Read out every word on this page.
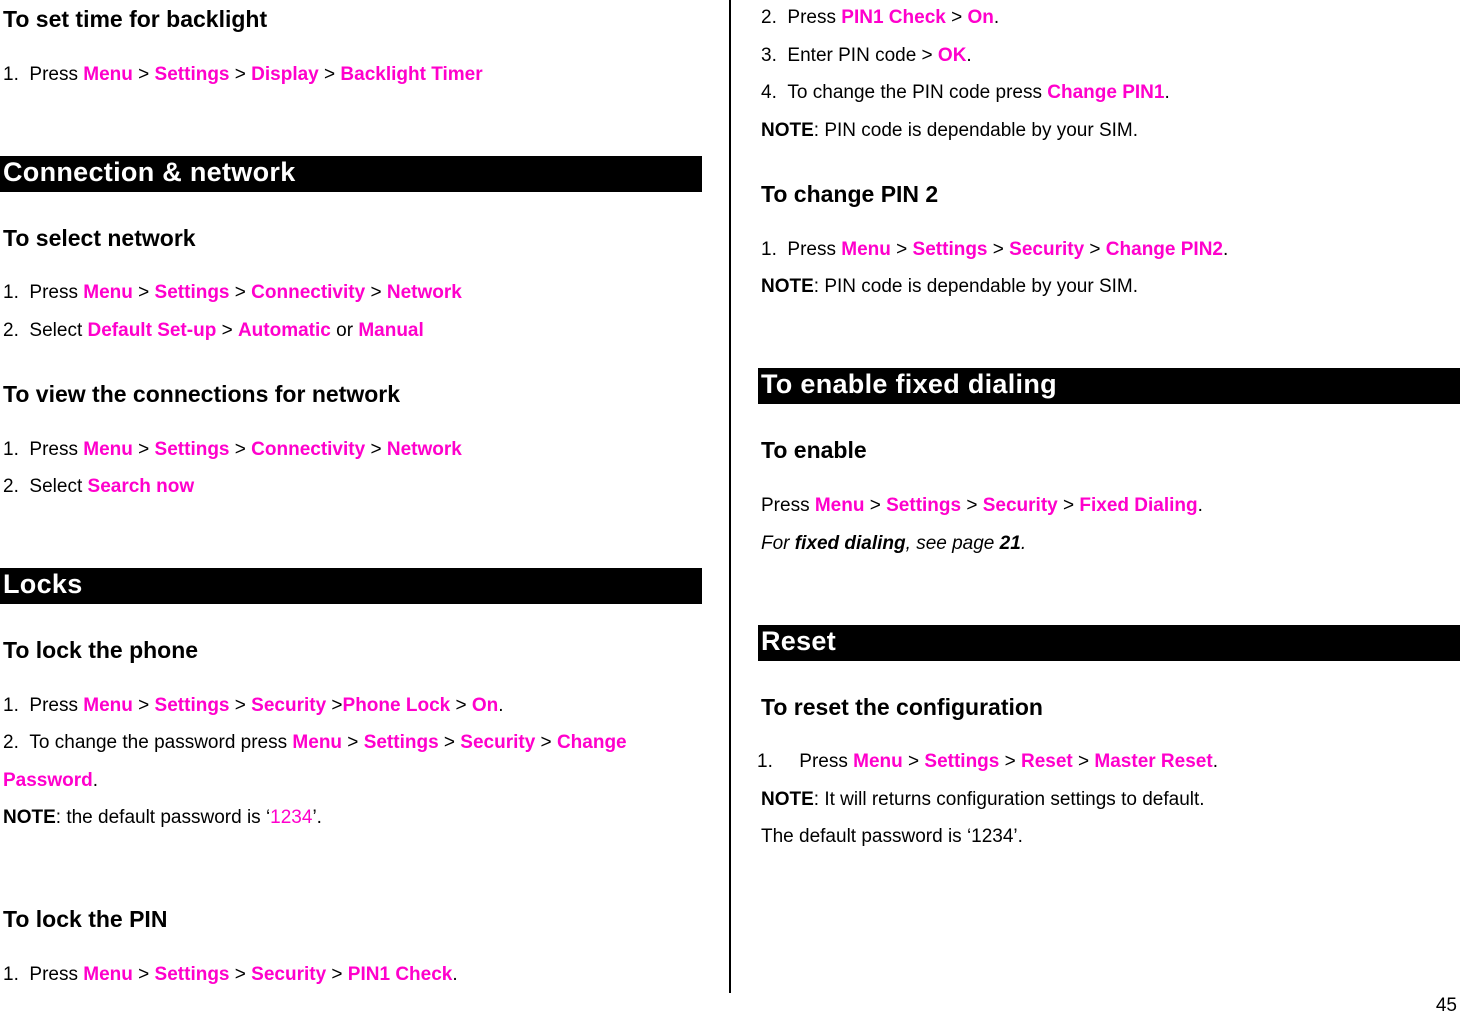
To set time for backlight
1. Press Menu > Settings > Display > Backlight Timer
Connection & network
To select network
1. Press Menu > Settings > Connectivity > Network
2. Select Default Set-up > Automatic or Manual
To view the connections for network
1. Press Menu > Settings > Connectivity > Network
2. Select Search now
Locks
To lock the phone
1. Press Menu > Settings > Security >Phone Lock > On.
2. To change the password press Menu > Settings > Security > Change
Password.
NOTE: the default password is ‘1234’.
To lock the PIN
1. Press Menu > Settings > Security > PIN1 Check.
2. Press PIN1 Check > On.
3. Enter PIN code > OK.
4. To change the PIN code press Change PIN1.
NOTE: PIN code is dependable by your SIM.
To change PIN 2
1. Press Menu > Settings > Security > Change PIN2.
NOTE: PIN code is dependable by your SIM.
To enable fixed dialing
To enable
Press Menu > Settings > Security > Fixed Dialing.
For fixed dialing, see page 21.
Reset
To reset the configuration
1. Press Menu > Settings > Reset > Master Reset.
NOTE: It will returns configuration settings to default.
The default password is ‘1234’.
45
